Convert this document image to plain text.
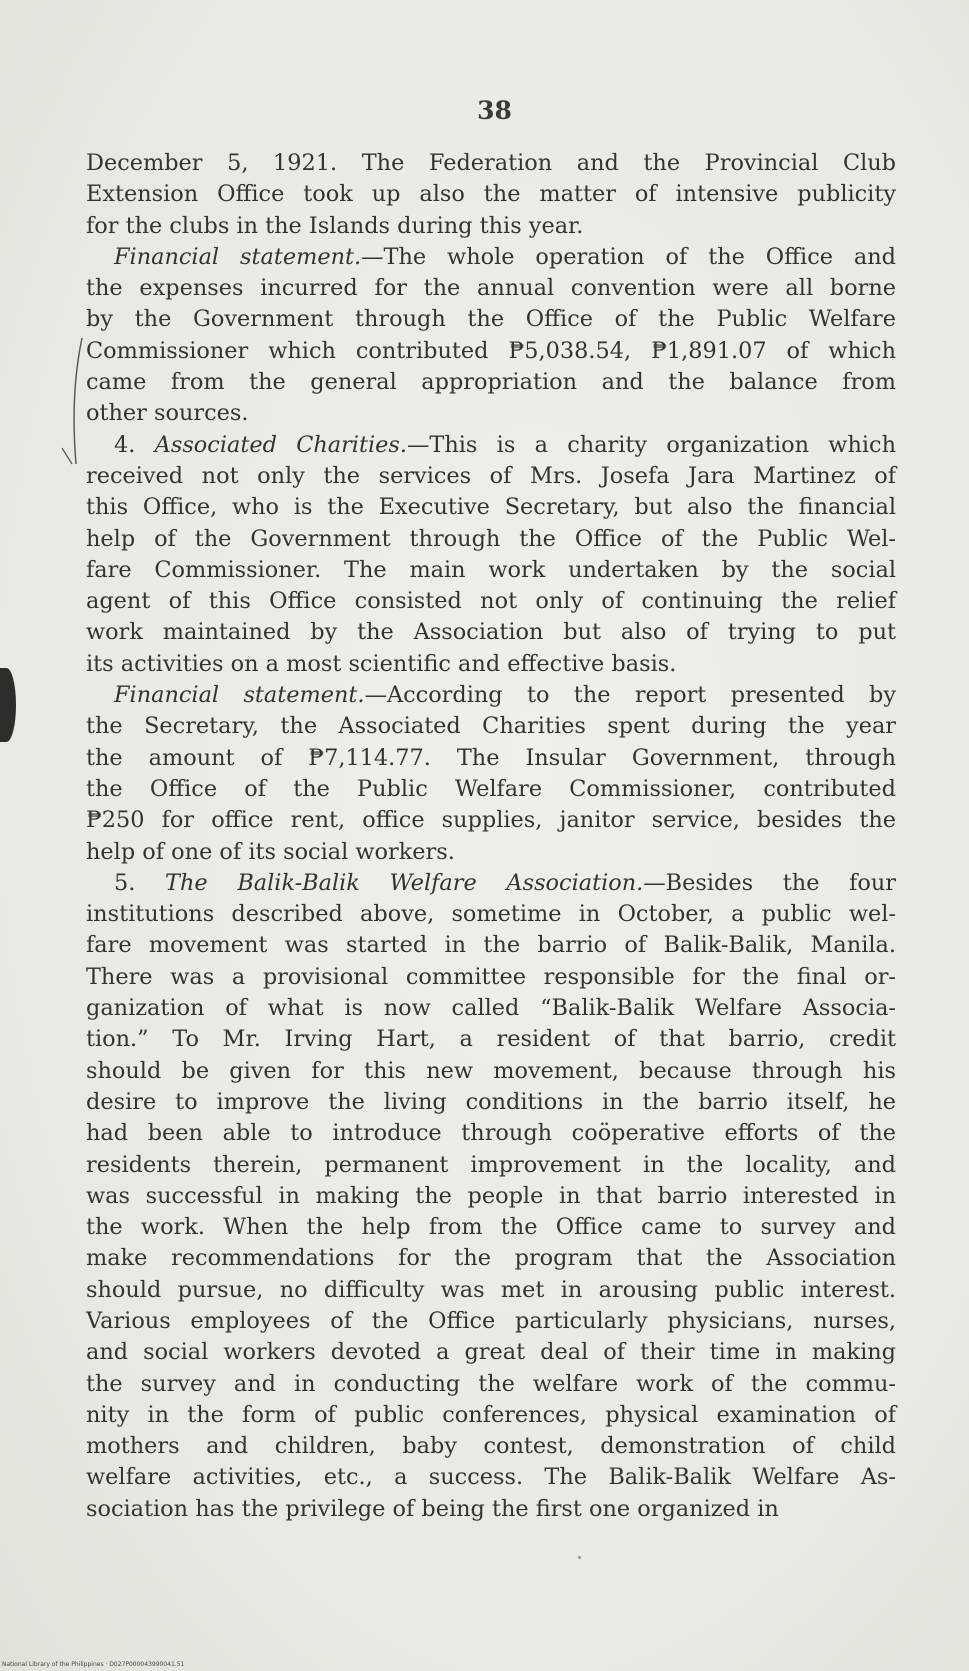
38
December 5, 1921. The Federation and the Provincial Club
Extension Office took up also the matter of intensive publicity
for the clubs in the Islands during this year.
Financial statement.—The whole operation of the Office and
the expenses incurred for the annual convention were all borne
by the Government through the Office of the Public Welfare
Commissioner which contributed ₱5,038.54, ₱1,891.07 of which
came from the general appropriation and the balance from
other sources.
4. Associated Charities.—This is a charity organization which
received not only the services of Mrs. Josefa Jara Martinez of
this Office, who is the Executive Secretary, but also the financial
help of the Government through the Office of the Public Wel-
fare Commissioner. The main work undertaken by the social
agent of this Office consisted not only of continuing the relief
work maintained by the Association but also of trying to put
its activities on a most scientific and effective basis.
Financial statement.—According to the report presented by
the Secretary, the Associated Charities spent during the year
the amount of ₱7,114.77. The Insular Government, through
the Office of the Public Welfare Commissioner, contributed
₱250 for office rent, office supplies, janitor service, besides the
help of one of its social workers.
5. The Balik-Balik Welfare Association.—Besides the four
institutions described above, sometime in October, a public wel-
fare movement was started in the barrio of Balik-Balik, Manila.
There was a provisional committee responsible for the final or-
ganization of what is now called “Balik-Balik Welfare Associa-
tion.” To Mr. Irving Hart, a resident of that barrio, credit
should be given for this new movement, because through his
desire to improve the living conditions in the barrio itself, he
had been able to introduce through coöperative efforts of the
residents therein, permanent improvement in the locality, and
was successful in making the people in that barrio interested in
the work. When the help from the Office came to survey and
make recommendations for the program that the Association
should pursue, no difficulty was met in arousing public interest.
Various employees of the Office particularly physicians, nurses,
and social workers devoted a great deal of their time in making
the survey and in conducting the welfare work of the commu-
nity in the form of public conferences, physical examination of
mothers and children, baby contest, demonstration of child
welfare activities, etc., a success. The Balik-Balik Welfare As-
sociation has the privilege of being the first one organized in
National Library of the Philippines · D027P000043990041.51
